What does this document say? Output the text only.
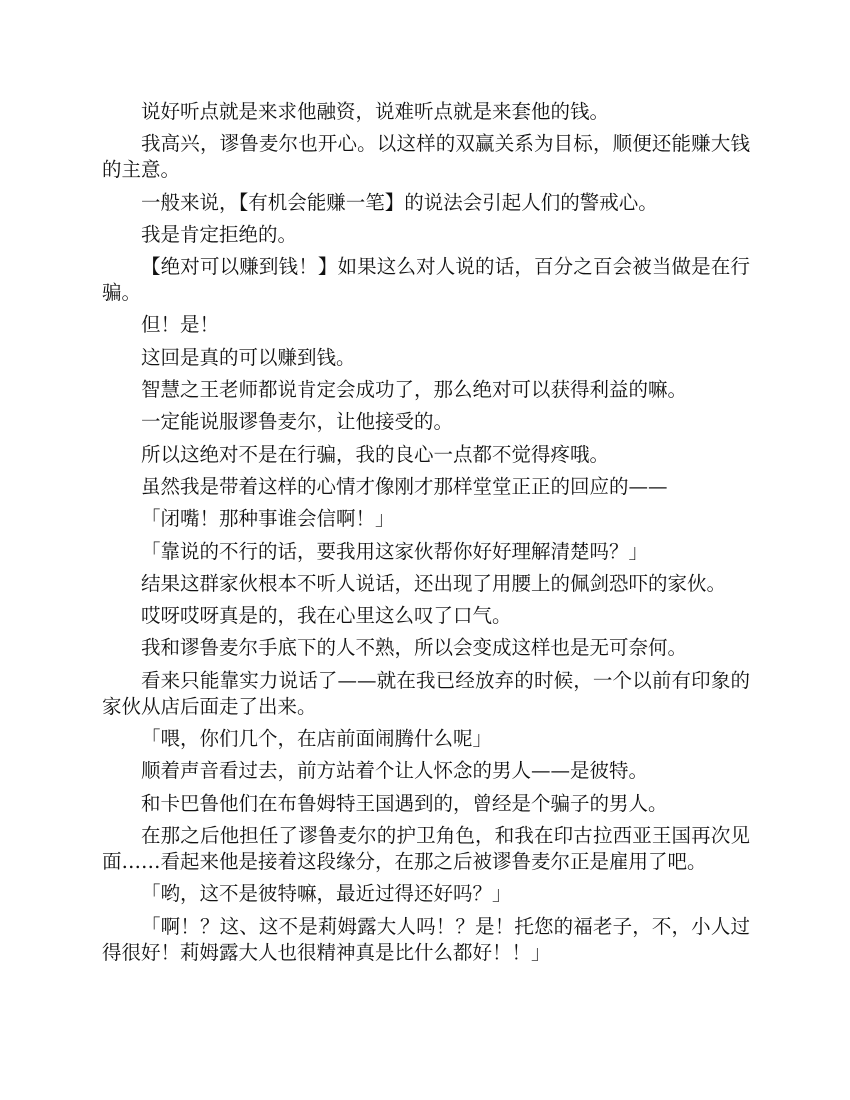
说好听点就是来求他融资，说难听点就是来套他的钱。

我高兴，谬鲁麦尔也开心。以这样的双赢关系为目标，顺便还能赚大钱的主意。

一般来说，【有机会能赚一笔】的说法会引起人们的警戒心。

我是肯定拒绝的。

【绝对可以赚到钱！】如果这么对人说的话，百分之百会被当做是在行骗。

但！是！

这回是真的可以赚到钱。

智慧之王老师都说肯定会成功了，那么绝对可以获得利益的嘛。

一定能说服谬鲁麦尔，让他接受的。

所以这绝对不是在行骗，我的良心一点都不觉得疼哦。

虽然我是带着这样的心情才像刚才那样堂堂正正的回应的——

「闭嘴！那种事谁会信啊！」

「靠说的不行的话，要我用这家伙帮你好好理解清楚吗？」

结果这群家伙根本不听人说话，还出现了用腰上的佩剑恐吓的家伙。

哎呀哎呀真是的，我在心里这么叹了口气。

我和谬鲁麦尔手底下的人不熟，所以会变成这样也是无可奈何。

看来只能靠实力说话了——就在我已经放弃的时候，一个以前有印象的家伙从店后面走了出来。

「喂，你们几个，在店前面闹腾什么呢」

顺着声音看过去，前方站着个让人怀念的男人——是彼特。

和卡巴鲁他们在布鲁姆特王国遇到的，曾经是个骗子的男人。

在那之后他担任了谬鲁麦尔的护卫角色，和我在印古拉西亚王国再次见面……看起来他是接着这段缘分，在那之后被谬鲁麦尔正是雇用了吧。

「哟，这不是彼特嘛，最近过得还好吗？」

「啊！？这、这不是莉姆露大人吗！？是！托您的福老子，不，小人过得很好！莉姆露大人也很精神真是比什么都好！！」
